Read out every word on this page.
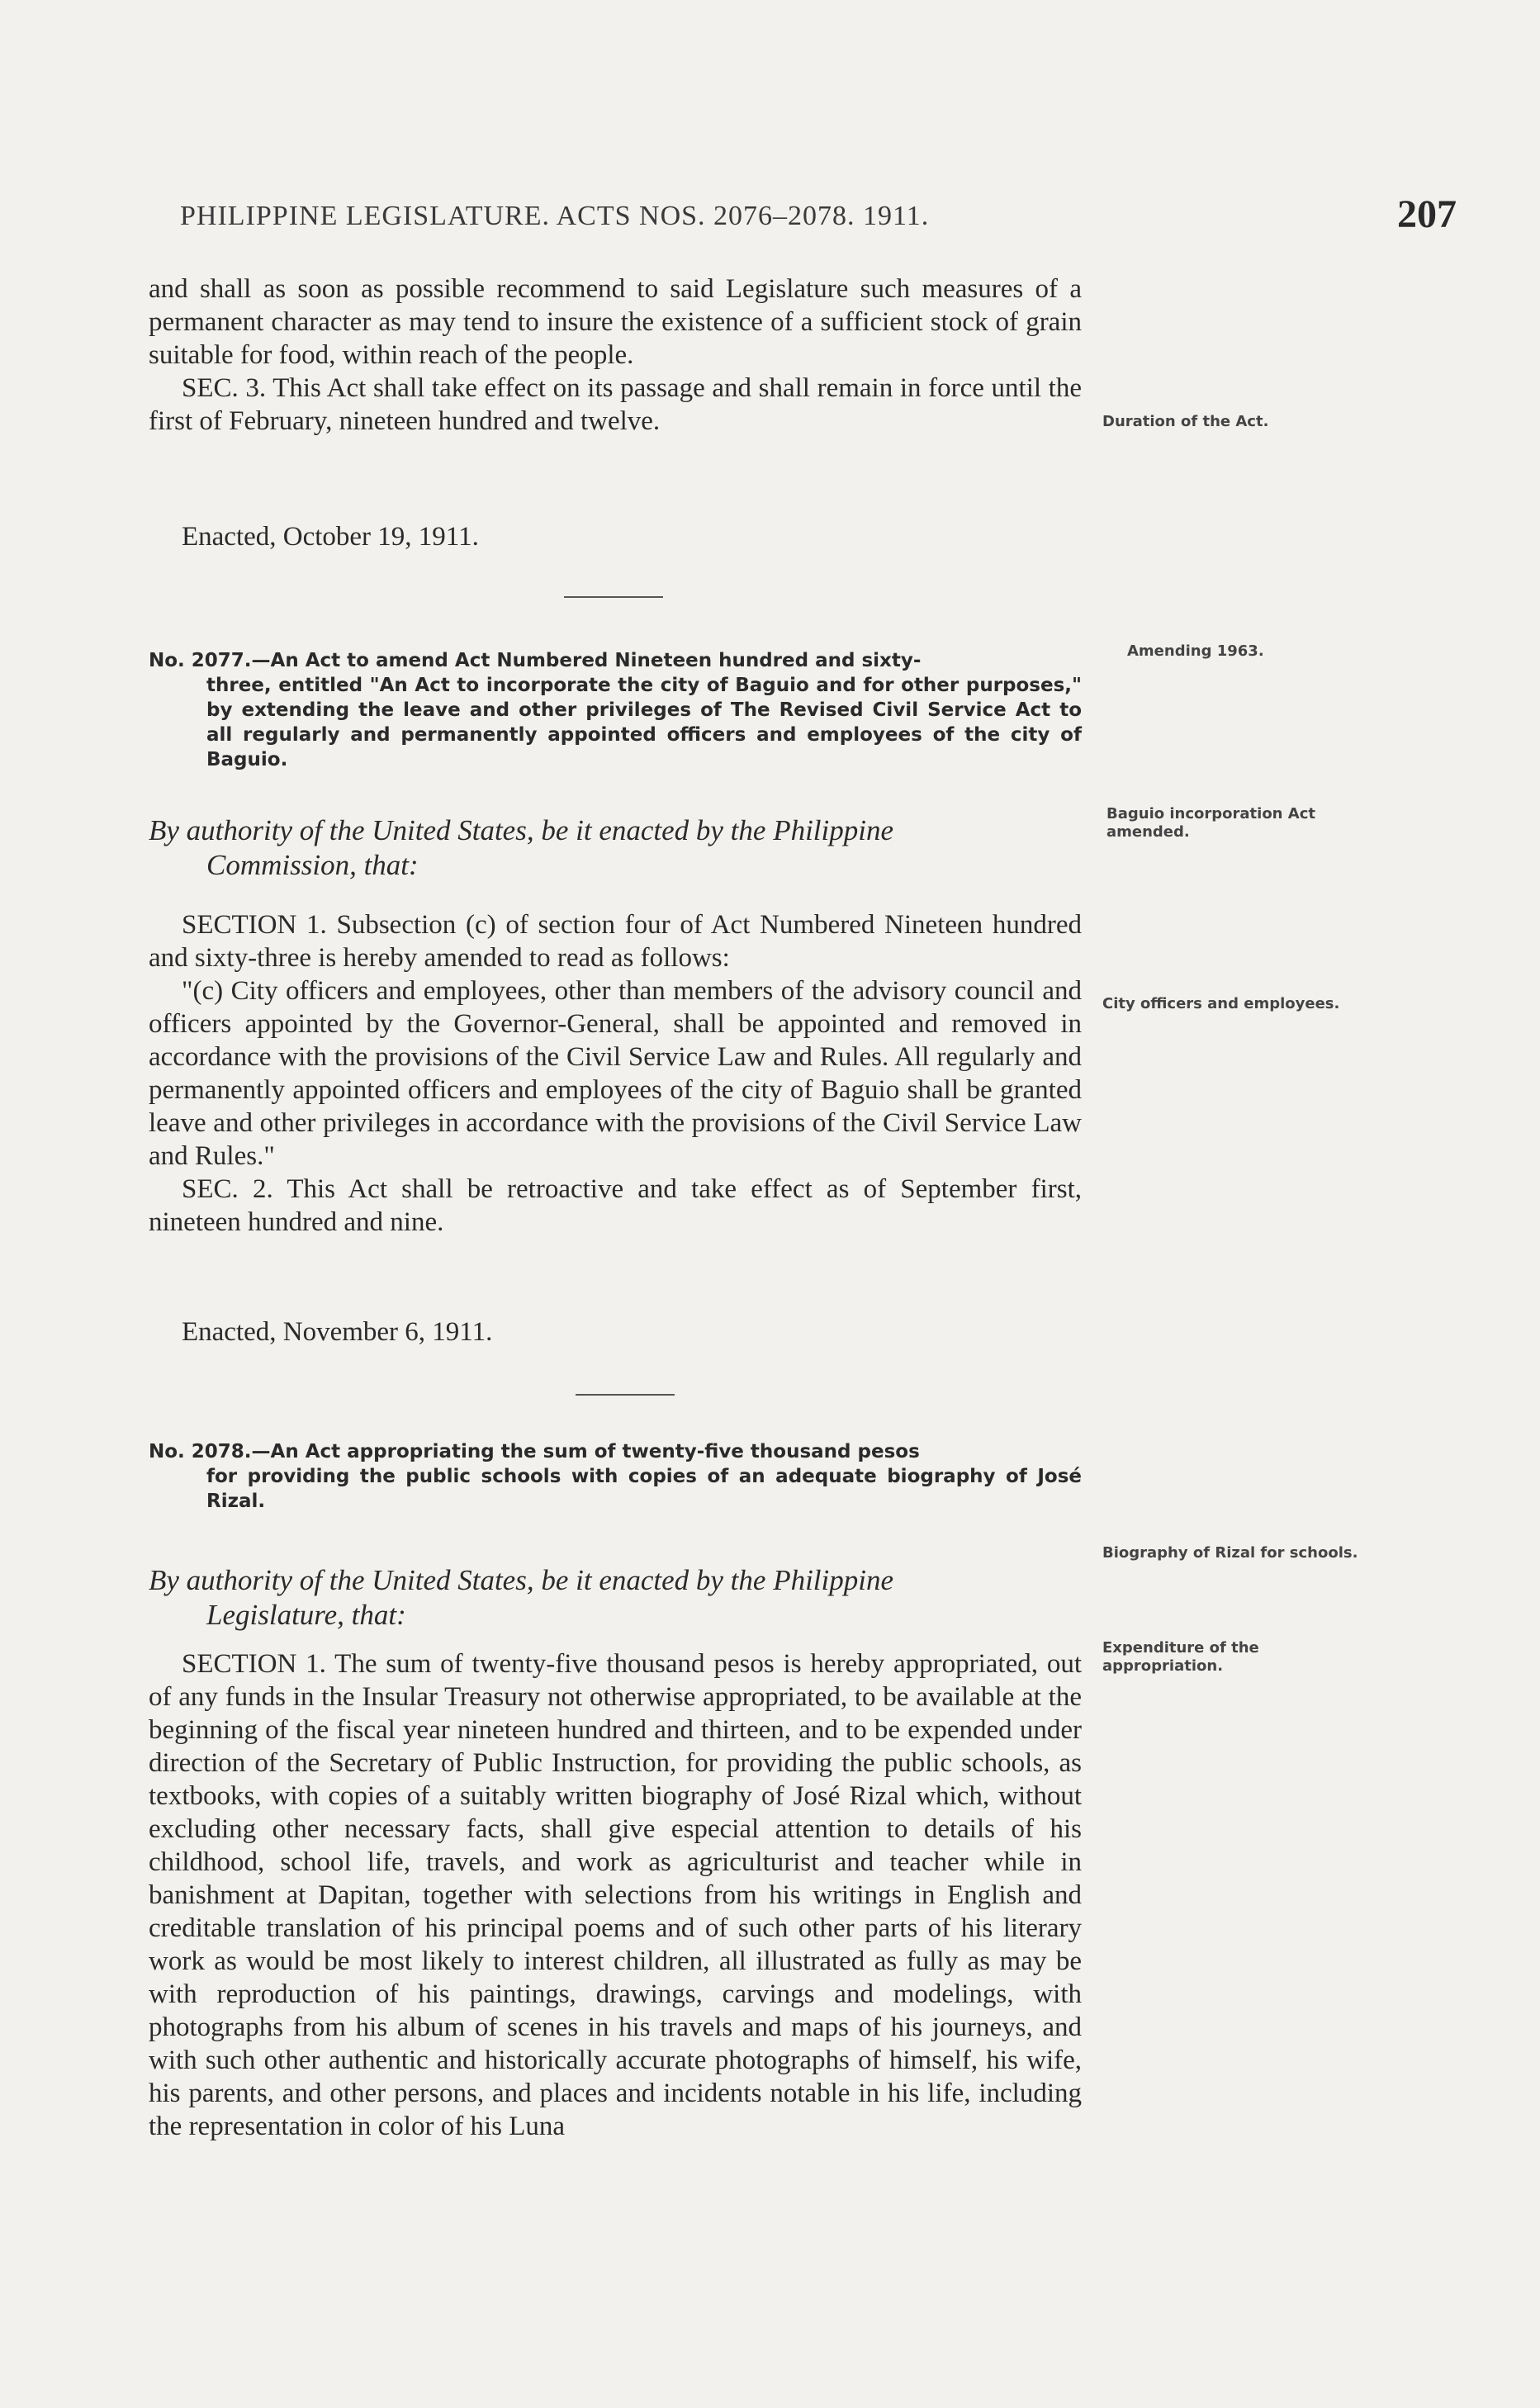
PHILIPPINE LEGISLATURE. ACTS NOS. 2076–2078. 1911.	207

and shall as soon as possible recommend to said Legislature such measures of a permanent character as may tend to insure the existence of a sufficient stock of grain suitable for food, within reach of the people.

SEC. 3. This Act shall take effect on its passage and shall remain in force until the first of February, nineteen hundred and twelve.

Enacted, October 19, 1911.
Duration of the Act.
No. 2077.—An Act to amend Act Numbered Nineteen hundred and sixty-
three, entitled "An Act to incorporate the city of Baguio and for other purposes," by extending the leave and other privileges of The Revised Civil Service Act to all regularly and permanently appointed officers and employees of the city of Baguio.
Amending 1963.
By authority of the United States, be it enacted by the Philippine
Commission, that:
Baguio incorporation Act amended.

SECTION 1. Subsection (c) of section four of Act Numbered Nineteen hundred and sixty-three is hereby amended to read as follows:

"(c) City officers and employees, other than members of the advisory council and officers appointed by the Governor-General, shall be appointed and removed in accordance with the provisions of the Civil Service Law and Rules. All regularly and permanently appointed officers and employees of the city of Baguio shall be granted leave and other privileges in accordance with the provisions of the Civil Service Law and Rules."

SEC. 2. This Act shall be retroactive and take effect as of September first, nineteen hundred and nine.

City officers and employees.
Enacted, November 6, 1911.
No. 2078.—An Act appropriating the sum of twenty-five thousand pesos
for providing the public schools with copies of an adequate biography of José Rizal.
By authority of the United States, be it enacted by the Philippine
Legislature, that:
Biography of Rizal for schools.

SECTION 1. The sum of twenty-five thousand pesos is hereby appropriated, out of any funds in the Insular Treasury not otherwise appropriated, to be available at the beginning of the fiscal year nineteen hundred and thirteen, and to be expended under direction of the Secretary of Public Instruction, for providing the public schools, as textbooks, with copies of a suitably written biography of José Rizal which, without excluding other necessary facts, shall give especial attention to details of his childhood, school life, travels, and work as agriculturist and teacher while in banishment at Dapitan, together with selections from his writings in English and creditable translation of his principal poems and of such other parts of his literary work as would be most likely to interest children, all illustrated as fully as may be with reproduction of his paintings, drawings, carvings and modelings, with photographs from his album of scenes in his travels and maps of his journeys, and with such other authentic and historically accurate photographs of himself, his wife, his parents, and other persons, and places and incidents notable in his life, including the representation in color of his Luna

Expenditure of the appropriation.
